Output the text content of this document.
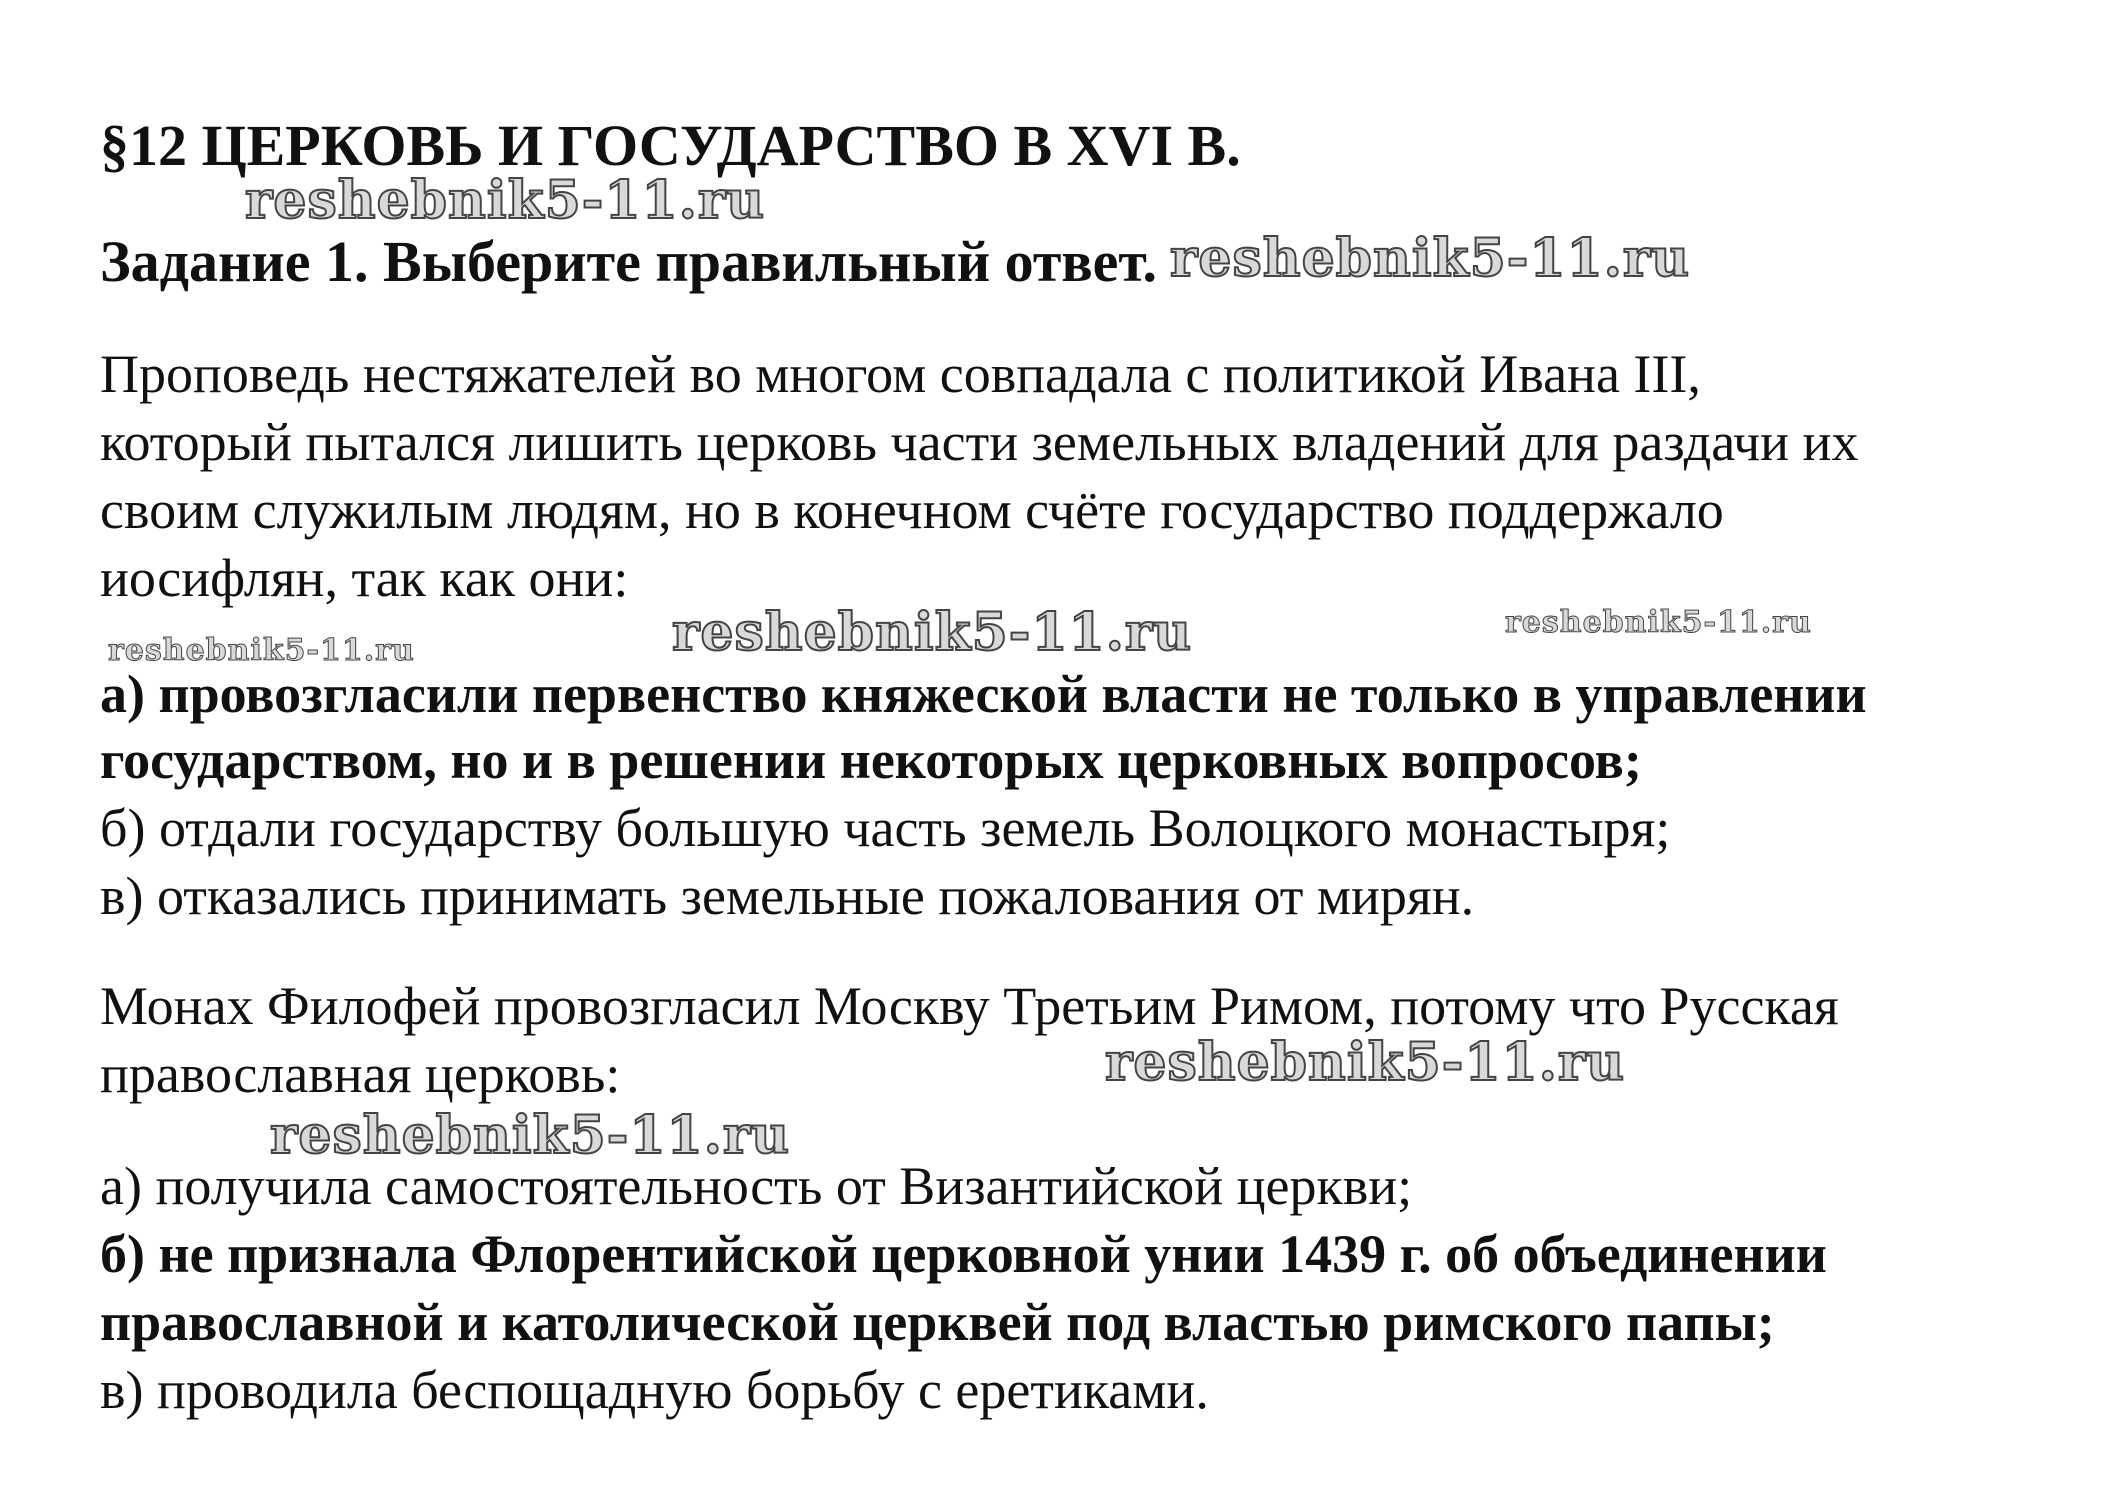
§12 ЦЕРКОВЬ И ГОСУДАРСТВО В XVI В.
reshebnik5-11.ru
Задание 1. Выберите правильный ответ. reshebnik5-11.ru
Проповедь нестяжателей во многом совпадала с политикой Ивана III,
который пытался лишить церковь части земельных владений для раздачи их
своим служилым людям, но в конечном счёте государство поддержало
иосифлян, так как они:
reshebnik5-11.ru	reshebnik5-11.ru	reshebnik5-11.ru
а) провозгласили первенство княжеской власти не только в управлении
государством, но и в решении некоторых церковных вопросов;
б) отдали государству большую часть земель Волоцкого монастыря;
в) отказались принимать земельные пожалования от мирян.
Монах Филофей провозгласил Москву Третьим Римом, потому что Русская
православная церковь:	reshebnik5-11.ru
reshebnik5-11.ru
а) получила самостоятельность от Византийской церкви;
б) не признала Флорентийской церковной унии 1439 г. об объединении
православной и католической церквей под властью римского папы;
в) проводила беспощадную борьбу с еретиками.
